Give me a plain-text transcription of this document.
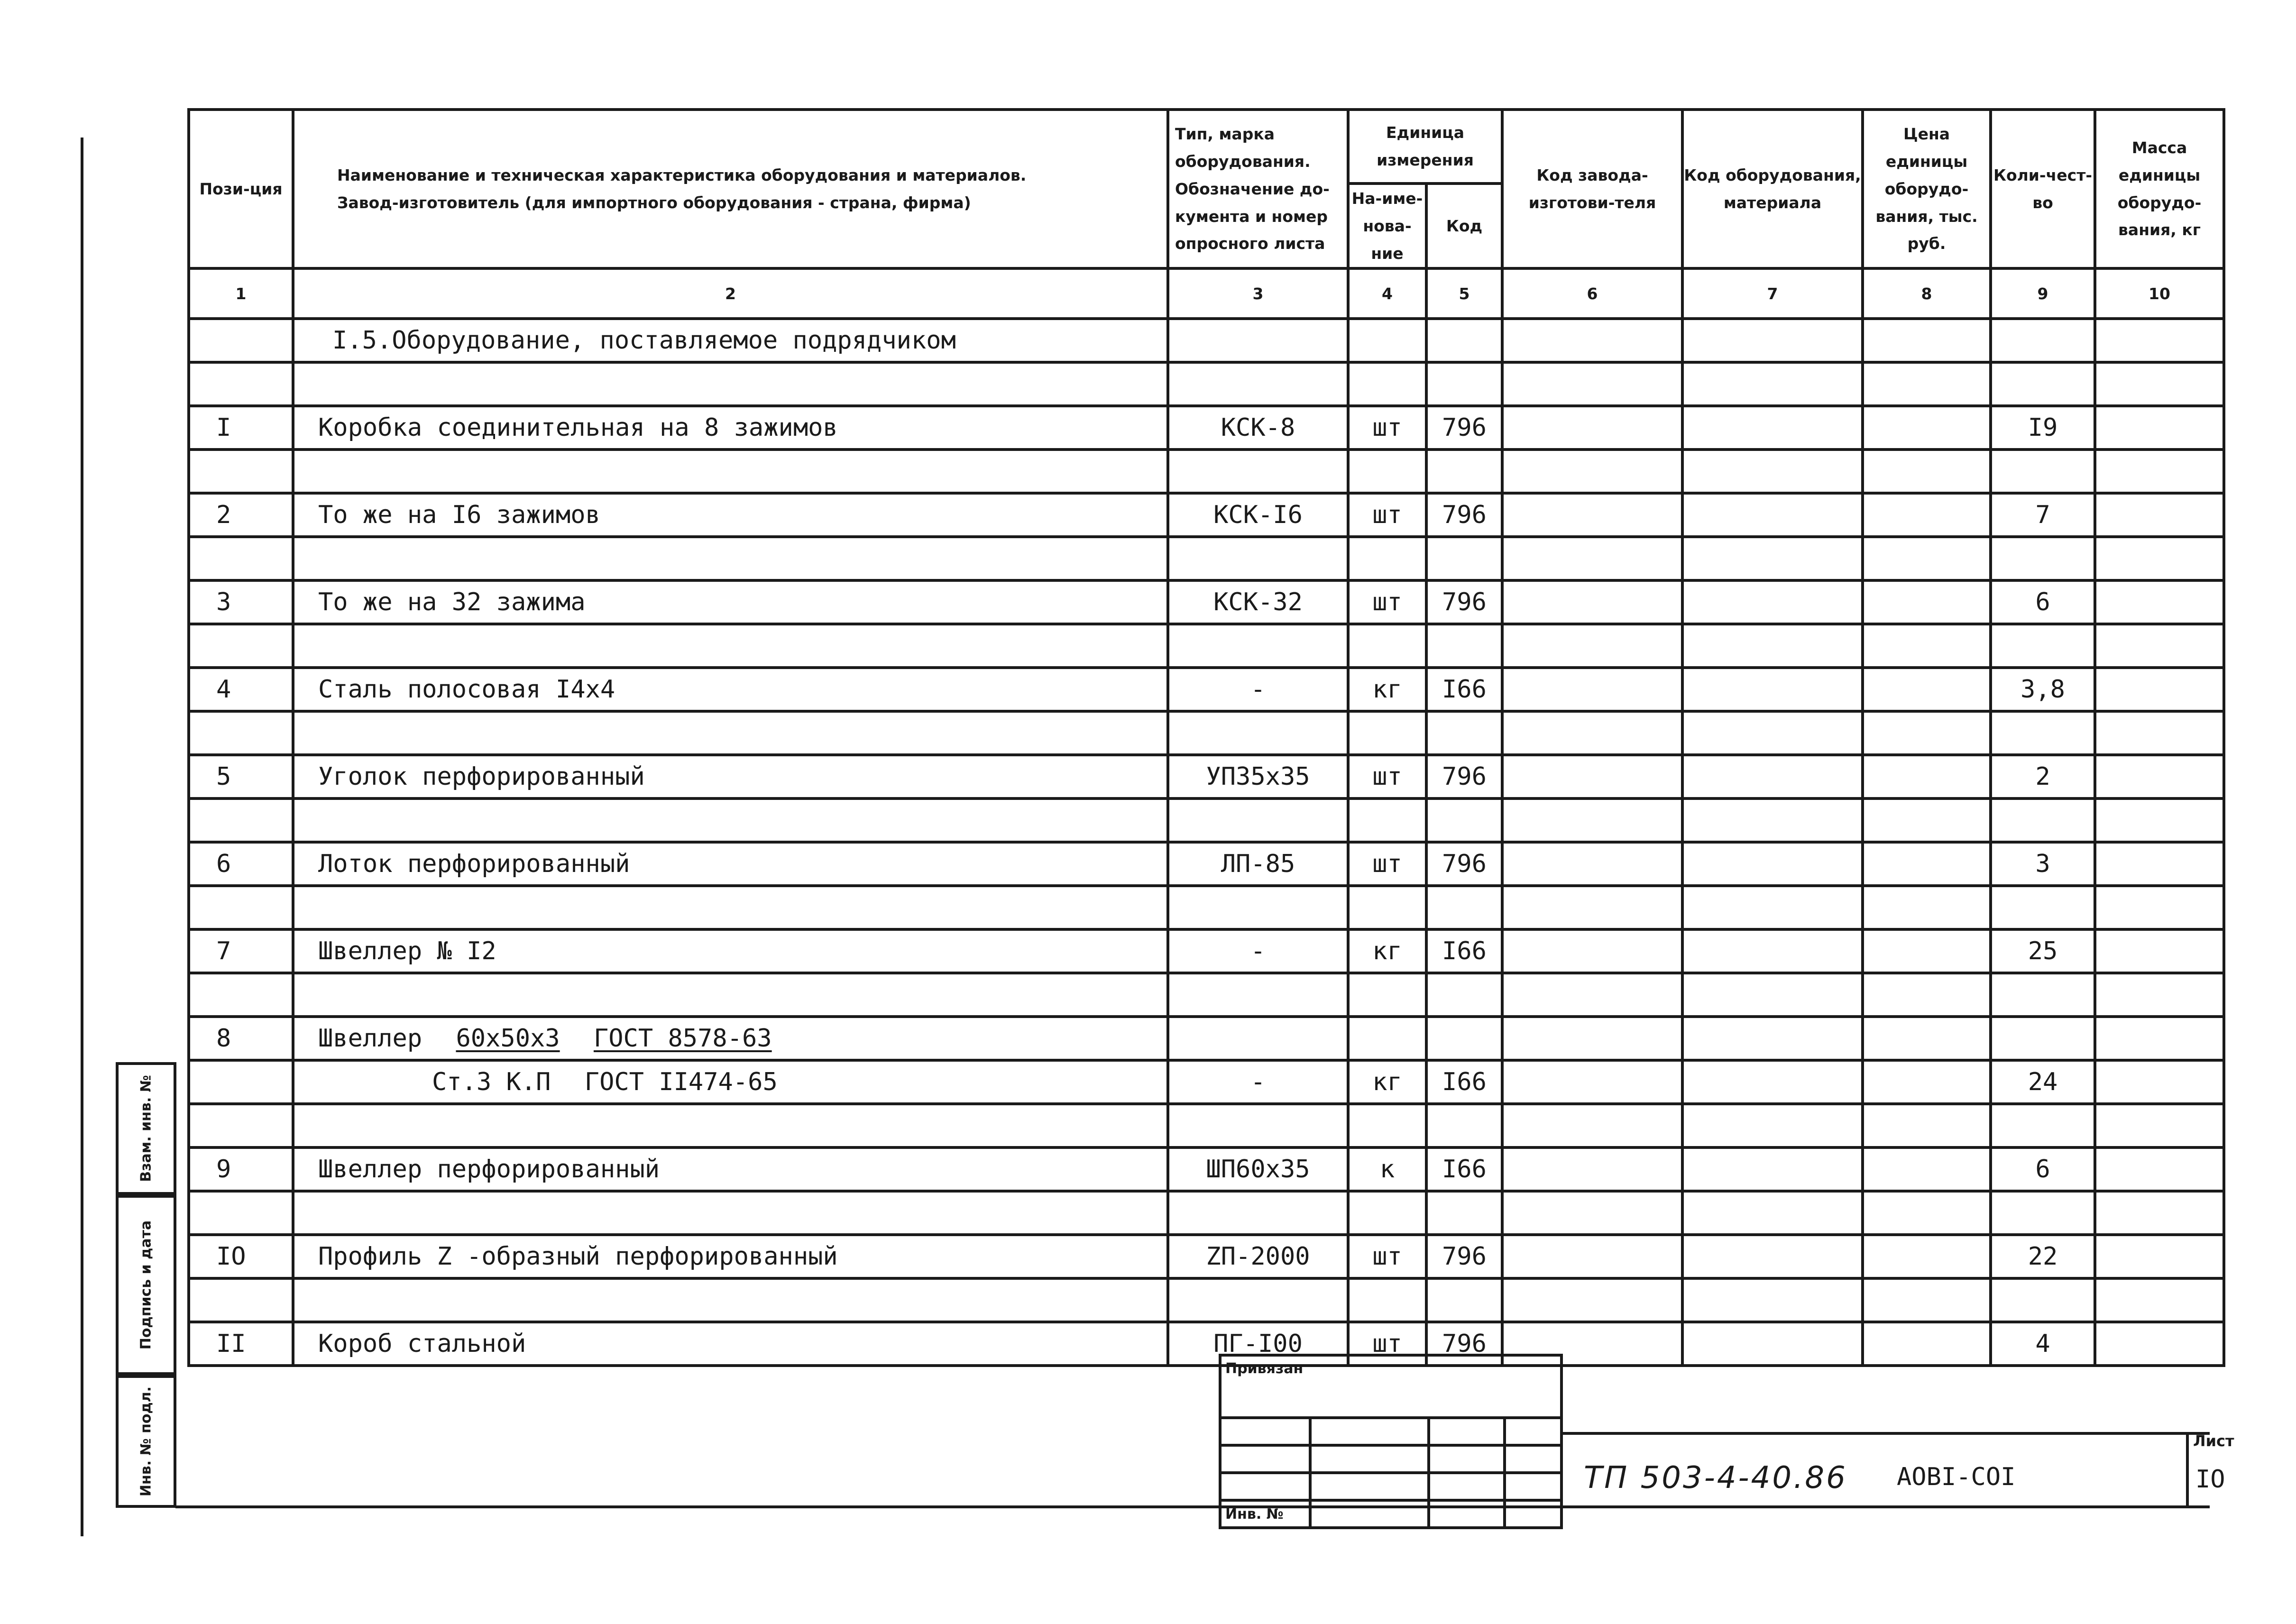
Взам. инв. №
Подпись и дата
Инв. № подл.
Пози-ция	Наименование и техническая характеристика оборудования и материалов.
Завод-изготовитель (для импортного оборудования - страна, фирма)	Тип, марка оборудования. Обозначение до-кумента и номер опросного листа	Единица измерения		Код завода-изготови-теля	Код оборудования, материала	Цена единицы оборудо-вания, тыс. руб.	Коли-чест-во	Масса единицы оборудо-вания, кг
			На-име-нова-ние	Код					
1	2	3	4	5	6	7	8	9	10
	I.5.Оборудование, поставляемое подрядчиком								

I	Коробка соединительная на 8 зажимов	КСК-8	шт	796				I9	

2	То же на I6 зажимов	КСК-I6	шт	796				7	

3	То же на 32 зажима	КСК-32	шт	796				6	

4	Сталь полосовая I4x4	-	кг	I66				3,8	

5	Уголок перфорированный	УП35x35	шт	796				2	

6	Лоток перфорированный	ЛП-85	шт	796				3	

7	Швеллер № I2	-	кг	I66				25	

8	Швеллер 60x50x3 ГОСТ 8578-63								
	Ст.3 К.П ГОСТ II474-65	-	кг	I66				24	

9	Швеллер перфорированный	ШП60x35	к	I66				6	

IO	Профиль Z -образный перфорированный	ZП-2000	шт	796				22	

II	Короб стальной	ПГ-I00	шт	796				4	
Привязан			

Инв. №			
ТП 503-4-40.86 АОВI-СОI
Лист
IO
